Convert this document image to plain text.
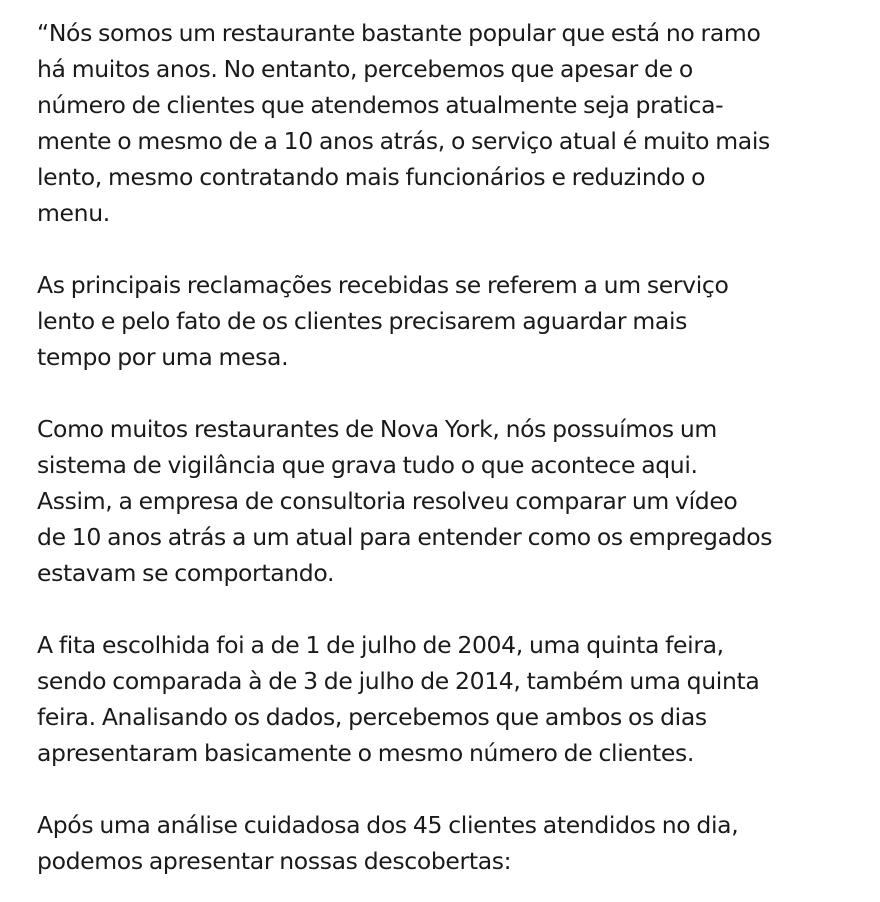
“Nós somos um restaurante bastante popular que está no ramo
há muitos anos. No entanto, percebemos que apesar de o
número de clientes que atendemos atualmente seja pratica-
mente o mesmo de a 10 anos atrás, o serviço atual é muito mais
lento, mesmo contratando mais funcionários e reduzindo o
menu.
As principais reclamações recebidas se referem a um serviço
lento e pelo fato de os clientes precisarem aguardar mais
tempo por uma mesa.
Como muitos restaurantes de Nova York, nós possuímos um
sistema de vigilância que grava tudo o que acontece aqui.
Assim, a empresa de consultoria resolveu comparar um vídeo
de 10 anos atrás a um atual para entender como os empregados
estavam se comportando.
A fita escolhida foi a de 1 de julho de 2004, uma quinta feira,
sendo comparada à de 3 de julho de 2014, também uma quinta
feira. Analisando os dados, percebemos que ambos os dias
apresentaram basicamente o mesmo número de clientes.
Após uma análise cuidadosa dos 45 clientes atendidos no dia,
podemos apresentar nossas descobertas:
